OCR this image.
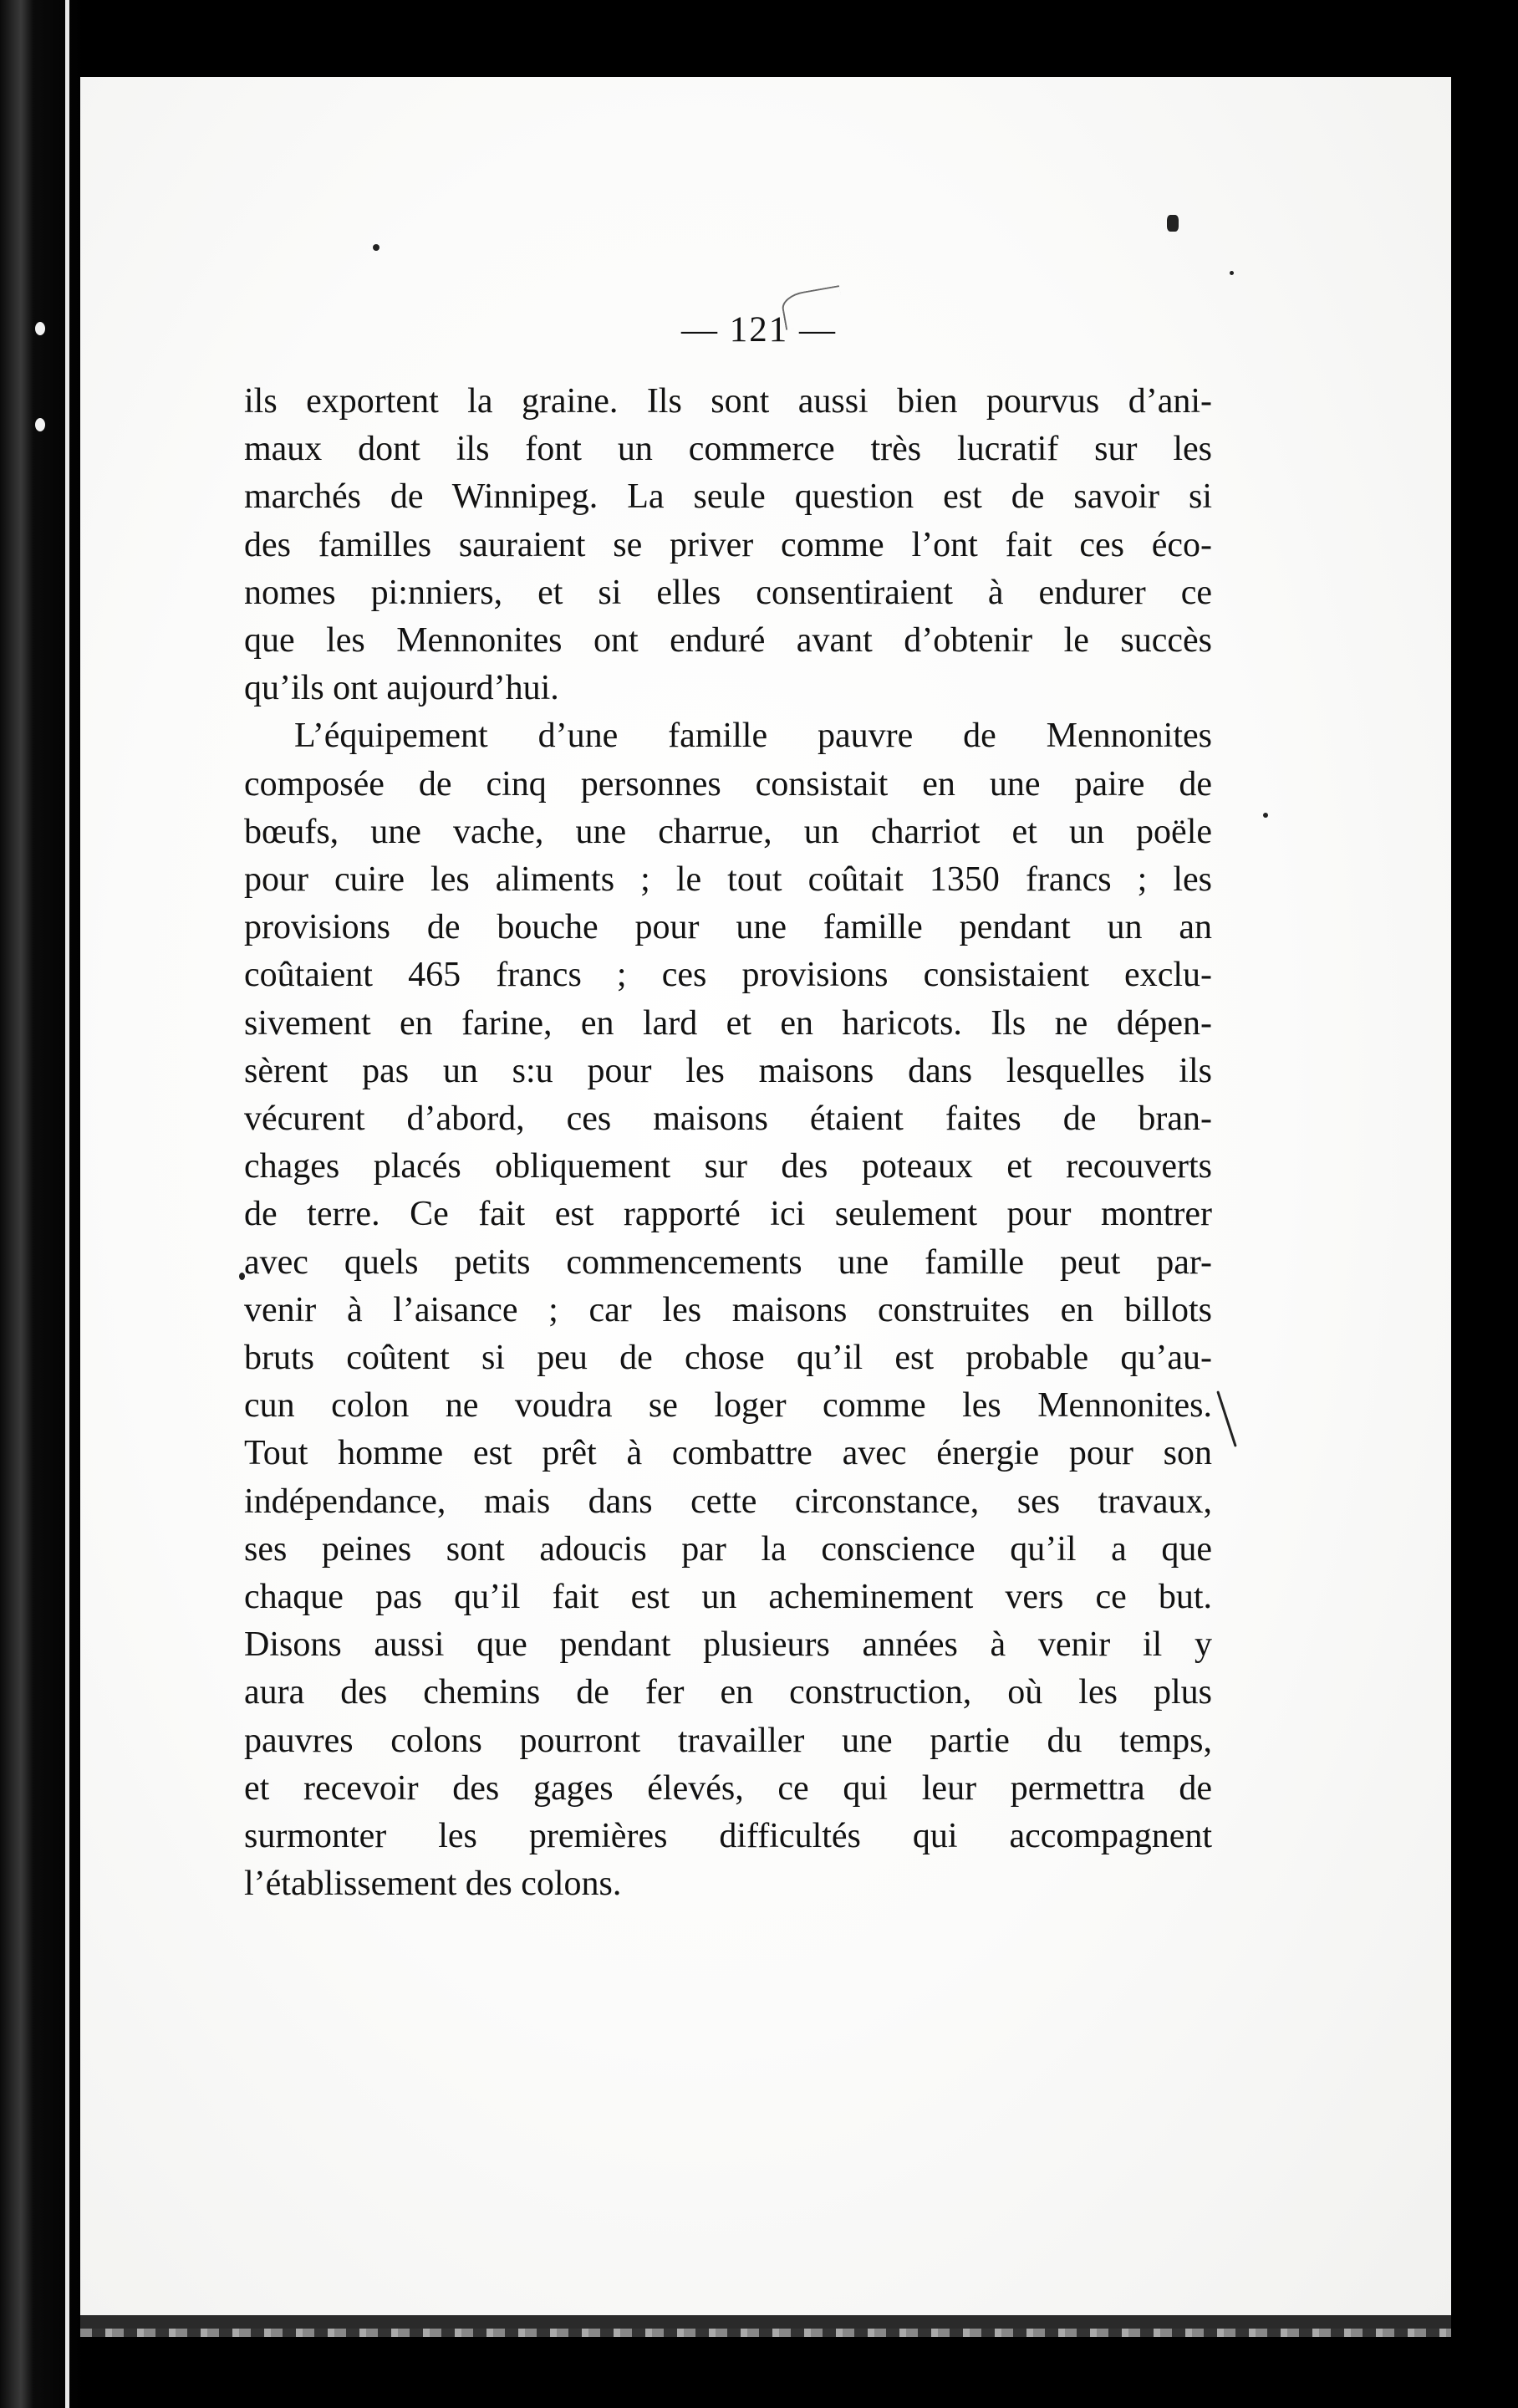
— 121 —

ils exportent la graine. Ils sont aussi bien pourvus d’ani-
maux dont ils font un commerce très lucratif sur les
marchés de Winnipeg. La seule question est de savoir si
des familles sauraient se priver comme l’ont fait ces éco-
nomes pi:nniers, et si elles consentiraient à endurer ce
que les Mennonites ont enduré avant d’obtenir le succès
qu’ils ont aujourd’hui.

L’équipement d’une famille pauvre de Mennonites
composée de cinq personnes consistait en une paire de
bœufs, une vache, une charrue, un charriot et un poële
pour cuire les aliments ; le tout coûtait 1350 francs ; les
provisions de bouche pour une famille pendant un an
coûtaient 465 francs ; ces provisions consistaient exclu-
sivement en farine, en lard et en haricots. Ils ne dépen-
sèrent pas un s:u pour les maisons dans lesquelles ils
vécurent d’abord, ces maisons étaient faites de bran-
chages placés obliquement sur des poteaux et recouverts
de terre. Ce fait est rapporté ici seulement pour montrer
avec quels petits commencements une famille peut par-
venir à l’aisance ; car les maisons construites en billots
bruts coûtent si peu de chose qu’il est probable qu’au-
cun colon ne voudra se loger comme les Mennonites.
Tout homme est prêt à combattre avec énergie pour son
indépendance, mais dans cette circonstance, ses travaux,
ses peines sont adoucis par la conscience qu’il a que
chaque pas qu’il fait est un acheminement vers ce but.
Disons aussi que pendant plusieurs années à venir il y
aura des chemins de fer en construction, où les plus
pauvres colons pourront travailler une partie du temps,
et recevoir des gages élevés, ce qui leur permettra de
surmonter les premières difficultés qui accompagnent
l’établissement des colons.
